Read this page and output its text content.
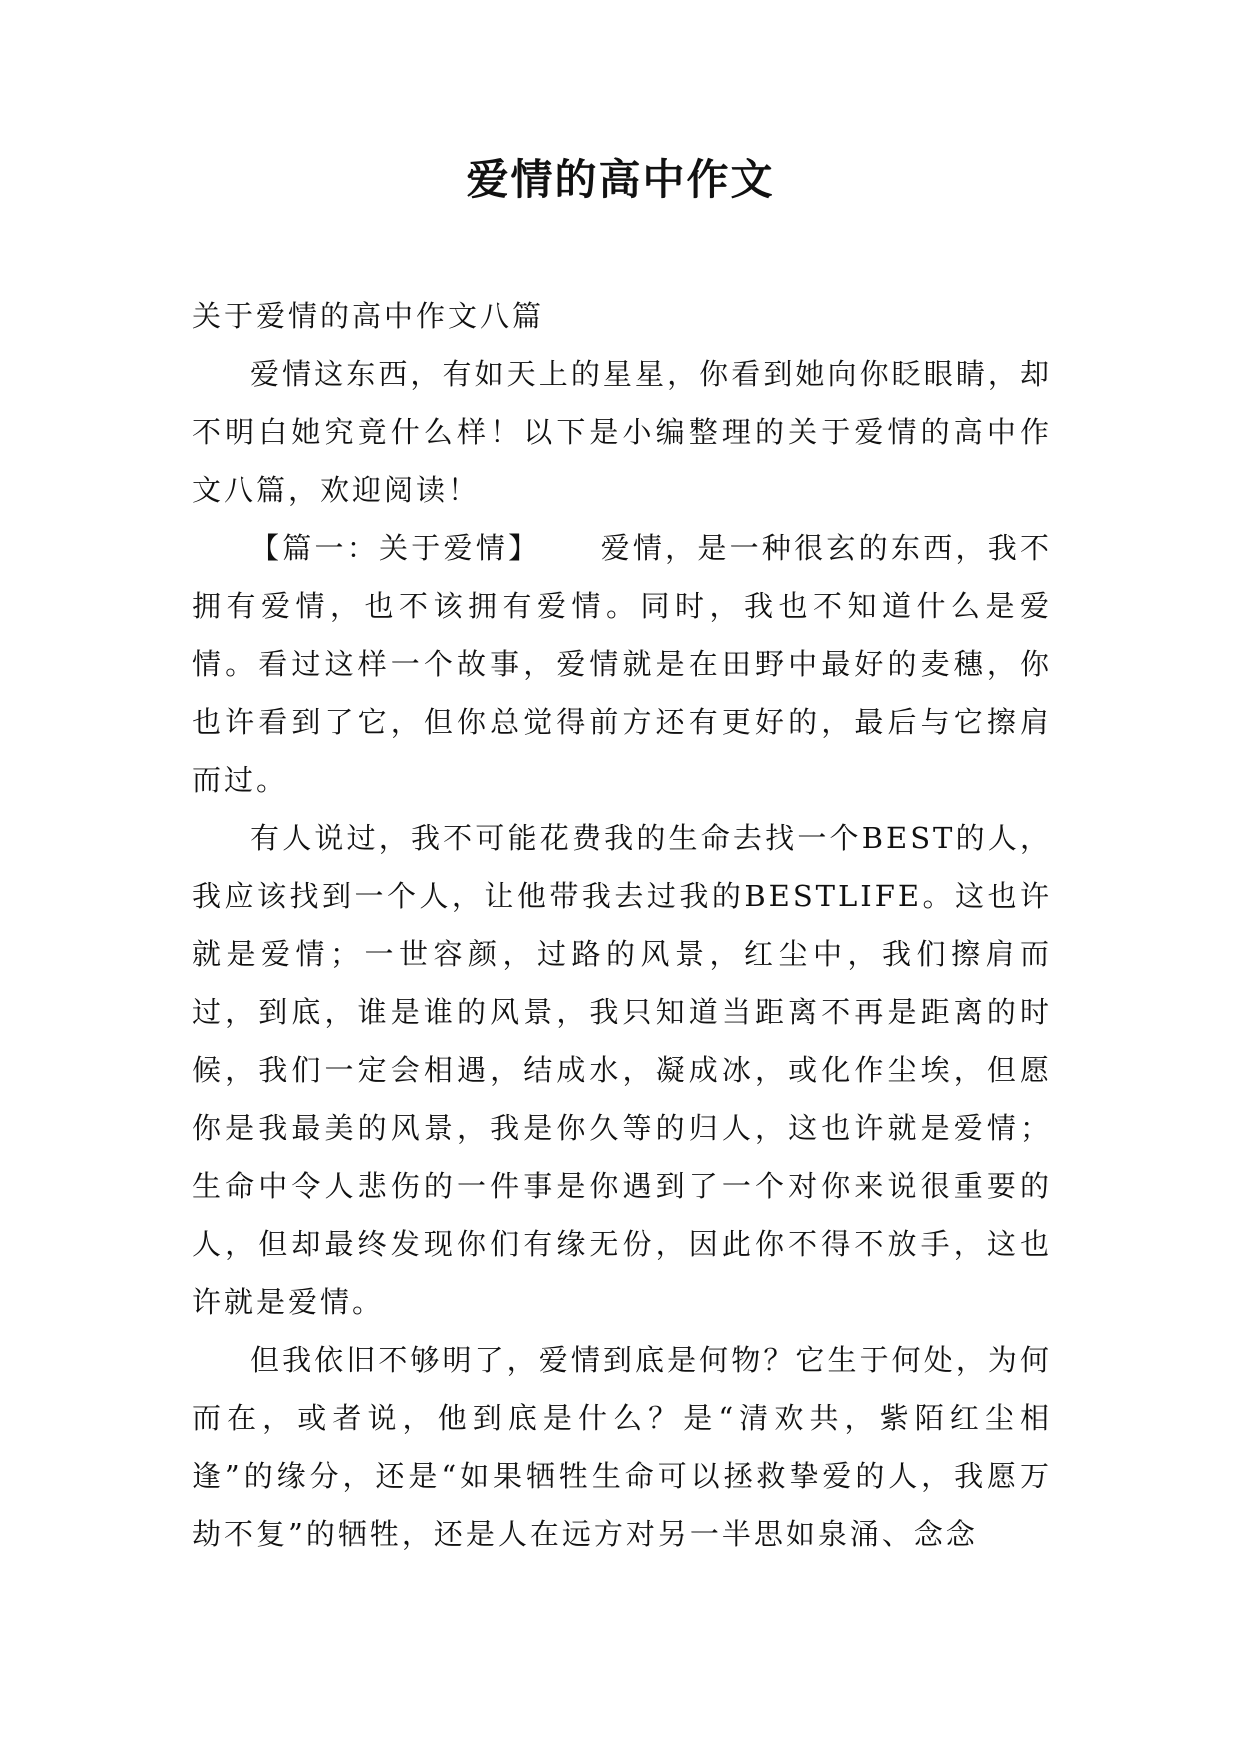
爱情的高中作文

关于爱情的高中作文八篇

爱情这东西，有如天上的星星，你看到她向你眨眼睛，却不明白她究竟什么样！以下是小编整理的关于爱情的高中作文八篇，欢迎阅读！

【篇一：关于爱情】 爱情，是一种很玄的东西，我不拥有爱情，也不该拥有爱情。同时，我也不知道什么是爱情。看过这样一个故事，爱情就是在田野中最好的麦穗，你也许看到了它，但你总觉得前方还有更好的，最后与它擦肩而过。

有人说过，我不可能花费我的生命去找一个BEST的人，我应该找到一个人，让他带我去过我的BESTLIFE。这也许就是爱情；一世容颜，过路的风景，红尘中，我们擦肩而过，到底，谁是谁的风景，我只知道当距离不再是距离的时候，我们一定会相遇，结成水，凝成冰，或化作尘埃，但愿你是我最美的风景，我是你久等的归人，这也许就是爱情；生命中令人悲伤的一件事是你遇到了一个对你来说很重要的人，但却最终发现你们有缘无份，因此你不得不放手，这也许就是爱情。

但我依旧不够明了，爱情到底是何物？它生于何处，为何而在，或者说，他到底是什么？是“清欢共，紫陌红尘相逢”的缘分，还是“如果牺牲生命可以拯救挚爱的人，我愿万劫不复”的牺牲，还是人在远方对另一半思如泉涌、念念
